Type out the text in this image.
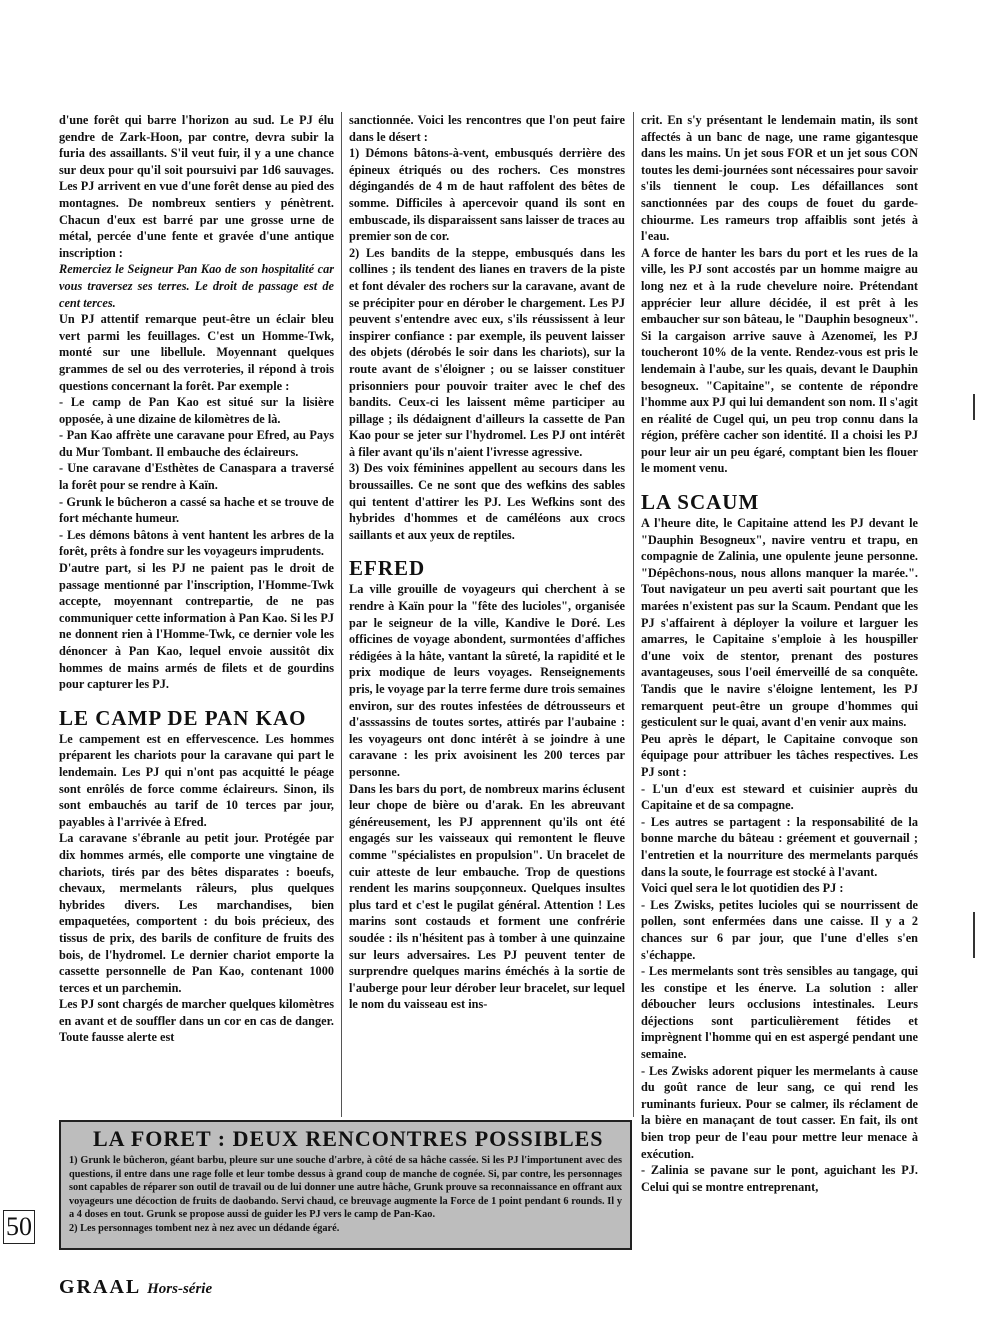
d'une forêt qui barre l'horizon au sud. Le PJ élu gendre de Zark-Hoon, par contre, devra subir la furia des assaillants. S'il veut fuir, il y a une chance sur deux pour qu'il soit poursuivi par 1d6 sauvages. Les PJ arrivent en vue d'une forêt dense au pied des montagnes. De nombreux sentiers y pénètrent. Chacun d'eux est barré par une grosse urne de métal, percée d'une fente et gravée d'une antique inscription :

Remerciez le Seigneur Pan Kao de son hospitalité car vous traversez ses terres. Le droit de passage est de cent terces.

Un PJ attentif remarque peut-être un éclair bleu vert parmi les feuillages. C'est un Homme-Twk, monté sur une libellule. Moyennant quelques grammes de sel ou des verroteries, il répond à trois questions concernant la forêt. Par exemple :

- Le camp de Pan Kao est situé sur la lisière opposée, à une dizaine de kilomètres de là.

- Pan Kao affrète une caravane pour Efred, au Pays du Mur Tombant. Il embauche des éclaireurs.

- Une caravane d'Esthètes de Canaspara a traversé la forêt pour se rendre à Kaïn.

- Grunk le bûcheron a cassé sa hache et se trouve de fort méchante humeur.

- Les démons bâtons à vent hantent les arbres de la forêt, prêts à fondre sur les voyageurs imprudents.

D'autre part, si les PJ ne paient pas le droit de passage mentionné par l'inscription, l'Homme-Twk accepte, moyennant contrepartie, de ne pas communiquer cette information à Pan Kao. Si les PJ ne donnent rien à l'Homme-Twk, ce dernier vole les dénoncer à Pan Kao, lequel envoie aussitôt dix hommes de mains armés de filets et de gourdins pour capturer les PJ.

LE CAMP DE PAN KAO

Le campement est en effervescence. Les hommes préparent les chariots pour la caravane qui part le lendemain. Les PJ qui n'ont pas acquitté le péage sont enrôlés de force comme éclaireurs. Sinon, ils sont embauchés au tarif de 10 terces par jour, payables à l'arrivée à Efred.

La caravane s'ébranle au petit jour. Protégée par dix hommes armés, elle comporte une vingtaine de chariots, tirés par des bêtes disparates : boeufs, chevaux, mermelants râleurs, plus quelques hybrides divers. Les marchandises, bien empaquetées, comportent : du bois précieux, des tissus de prix, des barils de confiture de fruits des bois, de l'hydromel. Le dernier chariot emporte la cassette personnelle de Pan Kao, contenant 1000 terces et un parchemin.

Les PJ sont chargés de marcher quelques kilomètres en avant et de souffler dans un cor en cas de danger. Toute fausse alerte est

sanctionnée. Voici les rencontres que l'on peut faire dans le désert :

1) Démons bâtons-à-vent, embusqués derrière des épineux étriqués ou des rochers. Ces monstres dégingandés de 4 m de haut raffolent des bêtes de somme. Difficiles à apercevoir quand ils sont en embuscade, ils disparaissent sans laisser de traces au premier son de cor.

2) Les bandits de la steppe, embusqués dans les collines ; ils tendent des lianes en travers de la piste et font dévaler des rochers sur la caravane, avant de se précipiter pour en dérober le chargement. Les PJ peuvent s'entendre avec eux, s'ils réussissent à leur inspirer confiance : par exemple, ils peuvent laisser des objets (dérobés le soir dans les chariots), sur la route avant de s'éloigner ; ou se laisser constituer prisonniers pour pouvoir traiter avec le chef des bandits. Ceux-ci les laissent même participer au pillage ; ils dédaignent d'ailleurs la cassette de Pan Kao pour se jeter sur l'hydromel. Les PJ ont intérêt à filer avant qu'ils n'aient l'ivresse agressive.

3) Des voix féminines appellent au secours dans les broussailles. Ce ne sont que des wefkins des sables qui tentent d'attirer les PJ. Les Wefkins sont des hybrides d'hommes et de caméléons aux crocs saillants et aux yeux de reptiles.

EFRED

La ville grouille de voyageurs qui cherchent à se rendre à Kaïn pour la "fête des lucioles", organisée par le seigneur de la ville, Kandive le Doré. Les officines de voyage abondent, surmontées d'affiches rédigées à la hâte, vantant la sûreté, la rapidité et le prix modique de leurs voyages. Renseignements pris, le voyage par la terre ferme dure trois semaines environ, sur des routes infestées de détrousseurs et d'asssassins de toutes sortes, attirés par l'aubaine : les voyageurs ont donc intérêt à se joindre à une caravane : les prix avoisinent les 200 terces par personne.

Dans les bars du port, de nombreux marins éclusent leur chope de bière ou d'arak. En les abreuvant généreusement, les PJ apprennent qu'ils ont été engagés sur les vaisseaux qui remontent le fleuve comme "spécialistes en propulsion". Un bracelet de cuir atteste de leur embauche. Trop de questions rendent les marins soupçonneux. Quelques insultes plus tard et c'est le pugilat général. Attention ! Les marins sont costauds et forment une confrérie soudée : ils n'hésitent pas à tomber à une quinzaine sur leurs adversaires. Les PJ peuvent tenter de surprendre quelques marins éméchés à la sortie de l'auberge pour leur dérober leur bracelet, sur lequel le nom du vaisseau est ins-

crit. En s'y présentant le lendemain matin, ils sont affectés à un banc de nage, une rame gigantesque dans les mains. Un jet sous FOR et un jet sous CON toutes les demi-journées sont nécessaires pour savoir s'ils tiennent le coup. Les défaillances sont sanctionnées par des coups de fouet du garde-chiourme. Les rameurs trop affaiblis sont jetés à l'eau.

A force de hanter les bars du port et les rues de la ville, les PJ sont accostés par un homme maigre au long nez et à la rude chevelure noire. Prétendant apprécier leur allure décidée, il est prêt à les embaucher sur son bâteau, le "Dauphin besogneux". Si la cargaison arrive sauve à Azenomeï, les PJ toucheront 10% de la vente. Rendez-vous est pris le lendemain à l'aube, sur les quais, devant le Dauphin besogneux. "Capitaine", se contente de répondre l'homme aux PJ qui lui demandent son nom. Il s'agit en réalité de Cugel qui, un peu trop connu dans la région, préfère cacher son identité. Il a choisi les PJ pour leur air un peu égaré, comptant bien les flouer le moment venu.

LA SCAUM

A l'heure dite, le Capitaine attend les PJ devant le "Dauphin Besogneux", navire ventru et trapu, en compagnie de Zalinia, une opulente jeune personne. "Dépêchons-nous, nous allons manquer la marée.". Tout navigateur un peu averti sait pourtant que les marées n'existent pas sur la Scaum. Pendant que les PJ s'affairent à déployer la voilure et larguer les amarres, le Capitaine s'emploie à les houspiller d'une voix de stentor, prenant des postures avantageuses, sous l'oeil émerveillé de sa conquête. Tandis que le navire s'éloigne lentement, les PJ remarquent peut-être un groupe d'hommes qui gesticulent sur le quai, avant d'en venir aux mains.

Peu après le départ, le Capitaine convoque son équipage pour attribuer les tâches respectives. Les PJ sont :

- L'un d'eux est steward et cuisinier auprès du Capitaine et de sa compagne.

- Les autres se partagent : la responsabilité de la bonne marche du bâteau : gréement et gouvernail ; l'entretien et la nourriture des mermelants parqués dans la soute, le fourrage est stocké à l'avant.

Voici quel sera le lot quotidien des PJ :

- Les Zwisks, petites lucioles qui se nourrissent de pollen, sont enfermées dans une caisse. Il y a 2 chances sur 6 par jour, que l'une d'elles s'en s'échappe.

- Les mermelants sont très sensibles au tangage, qui les constipe et les énerve. La solution : aller déboucher leurs occlusions intestinales. Leurs déjections sont particulièrement fétides et imprègnent l'homme qui en est aspergé pendant une semaine.

- Les Zwisks adorent piquer les mermelants à cause du goût rance de leur sang, ce qui rend les ruminants furieux. Pour se calmer, ils réclament de la bière en manaçant de tout casser. En fait, ils ont bien trop peur de l'eau pour mettre leur menace à exécution.

- Zalinia se pavane sur le pont, aguichant les PJ. Celui qui se montre entreprenant,

LA FORET : DEUX RENCONTRES POSSIBLES

1) Grunk le bûcheron, géant barbu, pleure sur une souche d'arbre, à côté de sa hâche cassée. Si les PJ l'importunent avec des questions, il entre dans une rage folle et leur tombe dessus à grand coup de manche de cognée. Si, par contre, les personnages sont capables de réparer son outil de travail ou de lui donner une autre hâche, Grunk prouve sa reconnaissance en offrant aux voyageurs une décoction de fruits de daobando. Servi chaud, ce breuvage augmente la Force de 1 point pendant 6 rounds. Il y a 4 doses en tout. Grunk se propose aussi de guider les PJ vers le camp de Pan-Kao.

2) Les personnages tombent nez à nez avec un dédande égaré.

50
GRAAL Hors-série
